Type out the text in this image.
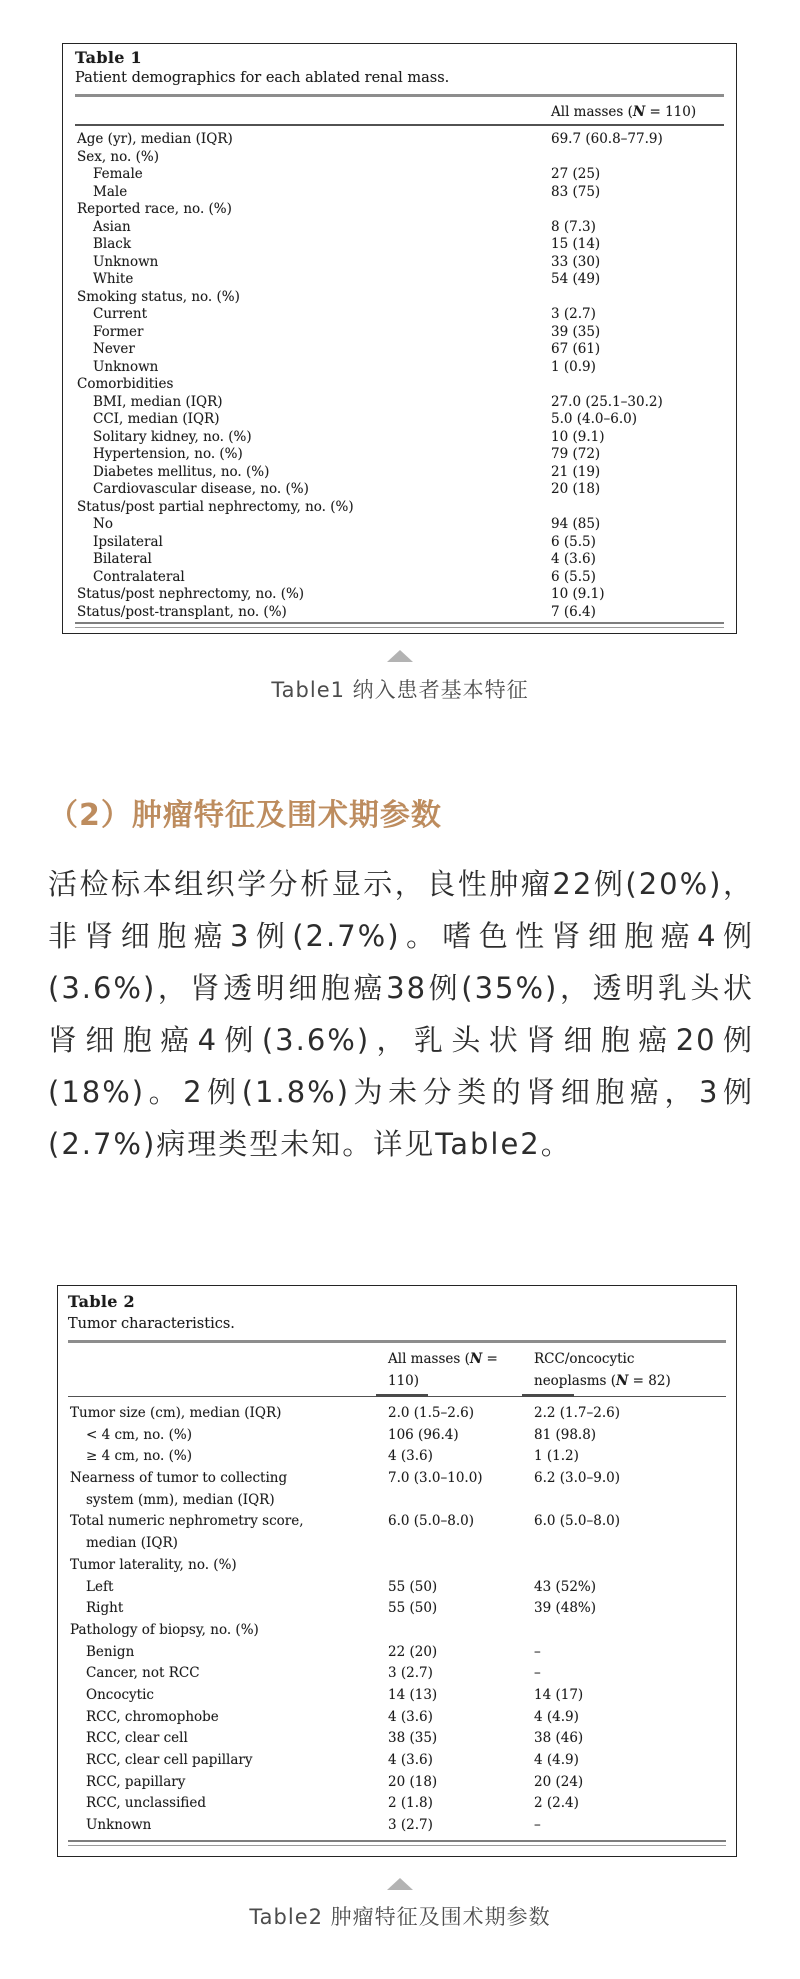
Table 1
Patient demographics for each ablated renal mass.
All masses (N = 110)
Age (yr), median (IQR)	69.7 (60.8–77.9)
Sex, no. (%)
Female	27 (25)
Male	83 (75)
Reported race, no. (%)
Asian	8 (7.3)
Black	15 (14)
Unknown	33 (30)
White	54 (49)
Smoking status, no. (%)
Current	3 (2.7)
Former	39 (35)
Never	67 (61)
Unknown	1 (0.9)
Comorbidities
BMI, median (IQR)	27.0 (25.1–30.2)
CCI, median (IQR)	5.0 (4.0–6.0)
Solitary kidney, no. (%)	10 (9.1)
Hypertension, no. (%)	79 (72)
Diabetes mellitus, no. (%)	21 (19)
Cardiovascular disease, no. (%)	20 (18)
Status/post partial nephrectomy, no. (%)
No	94 (85)
Ipsilateral	6 (5.5)
Bilateral	4 (3.6)
Contralateral	6 (5.5)
Status/post nephrectomy, no. (%)	10 (9.1)
Status/post-transplant, no. (%)	7 (6.4)
Table1 纳入患者基本特征
（2）肿瘤特征及围术期参数
活检标本组织学分析显示，良性肿瘤22例(20%)，非肾细胞癌3例(2.7%)。嗜色性肾细胞癌4例(3.6%)，肾透明细胞癌38例(35%)，透明乳头状肾细胞癌4例(3.6%)，乳头状肾细胞癌20例(18%)。2例(1.8%)为未分类的肾细胞癌，3例(2.7%)病理类型未知。详见Table2。
Table 2
Tumor characteristics.
All masses (N =
110)
RCC/oncocytic
neoplasms (N = 82)
Tumor size (cm), median (IQR)	2.0 (1.5–2.6)	2.2 (1.7–2.6)
< 4 cm, no. (%)	106 (96.4)	81 (98.8)
≥ 4 cm, no. (%)	4 (3.6)	1 (1.2)
Nearness of tumor to collecting
system (mm), median (IQR)
7.0 (3.0–10.0)	6.2 (3.0–9.0)
Total numeric nephrometry score,
median (IQR)
6.0 (5.0–8.0)	6.0 (5.0–8.0)
Tumor laterality, no. (%)
Left	55 (50)	43 (52%)
Right	55 (50)	39 (48%)
Pathology of biopsy, no. (%)
Benign	22 (20)	–
Cancer, not RCC	3 (2.7)	–
Oncocytic	14 (13)	14 (17)
RCC, chromophobe	4 (3.6)	4 (4.9)
RCC, clear cell	38 (35)	38 (46)
RCC, clear cell papillary	4 (3.6)	4 (4.9)
RCC, papillary	20 (18)	20 (24)
RCC, unclassified	2 (1.8)	2 (2.4)
Unknown	3 (2.7)	–
Table2 肿瘤特征及围术期参数
